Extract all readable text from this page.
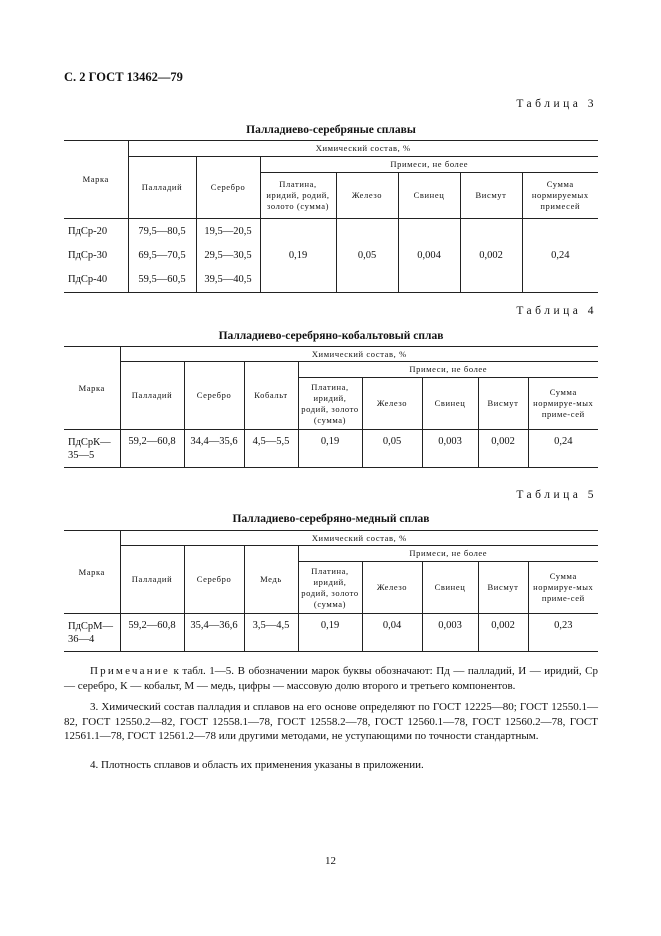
С. 2 ГОСТ 13462—79
Таблица 3
Палладиево-серебряные сплавы
Марка	Химический состав, %						
	Палладий	Серебро	Примеси, не более				
			Платина, иридий, родий, золото (сумма)	Железо	Свинец	Висмут	Сумма нормируемых примесей
ПдСр-20	79,5—80,5	19,5—20,5	0,19	0,05	0,004	0,002	0,24
ПдСр-30	69,5—70,5	29,5—30,5					
ПдСр-40	59,5—60,5	39,5—40,5					
Таблица 4
Палладиево-серебряно-кобальтовый сплав
Марка	Химический состав, %							
	Палладий	Серебро	Кобальт	Примеси, не более				
				Платина, иридий, родий, золото (сумма)	Железо	Свинец	Висмут	Сумма нормируе-мых приме-сей
ПдСрК—35—5	59,2—60,8	34,4—35,6	4,5—5,5	0,19	0,05	0,003	0,002	0,24
Таблица 5
Палладиево-серебряно-медный сплав
Марка	Химический состав, %							
	Палладий	Серебро	Медь	Примеси, не более				
				Платина, иридий, родий, золото (сумма)	Железо	Свинец	Висмут	Сумма нормируе-мых приме-сей
ПдСрМ—36—4	59,2—60,8	35,4—36,6	3,5—4,5	0,19	0,04	0,003	0,002	0,23

Примечание к табл. 1—5. В обозначении марок буквы обозначают: Пд — палладий, И — иридий, Ср — серебро, К — кобальт, М — медь, цифры — массовую долю второго и третьего компонентов.

3. Химический состав палладия и сплавов на его основе определяют по ГОСТ 12225—80; ГОСТ 12550.1—82, ГОСТ 12550.2—82, ГОСТ 12558.1—78, ГОСТ 12558.2—78, ГОСТ 12560.1—78, ГОСТ 12560.2—78, ГОСТ 12561.1—78, ГОСТ 12561.2—78 или другими методами, не уступающими по точности стандартным.

4. Плотность сплавов и область их применения указаны в приложении.

12
